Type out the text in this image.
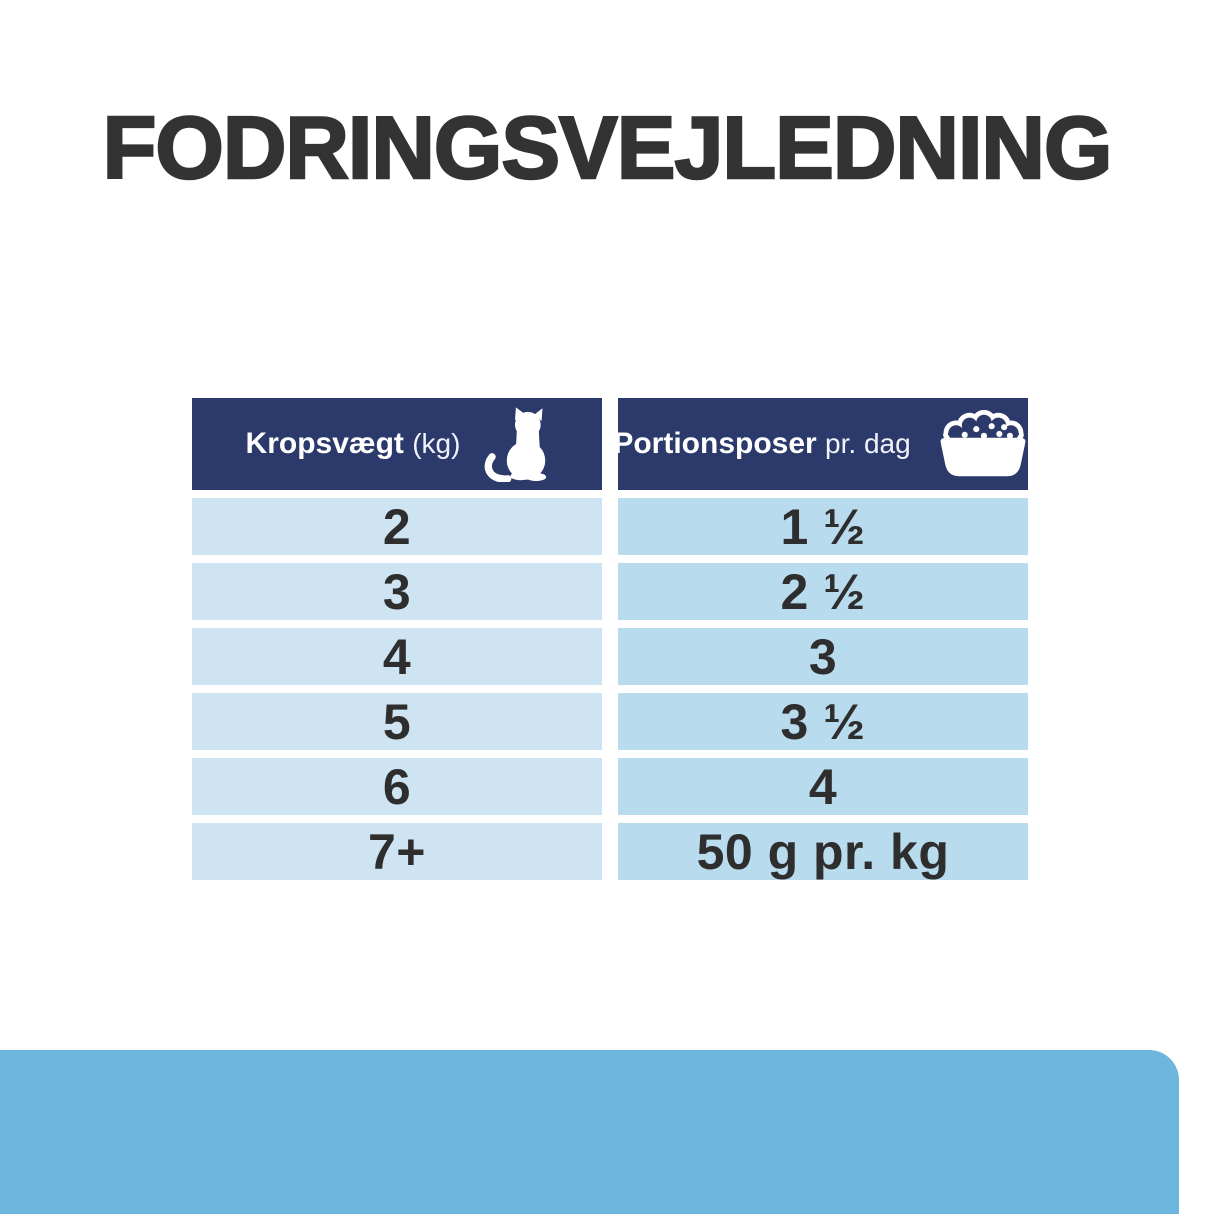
FODRINGSVEJLEDNING
Kropsvægt (kg)	Portionsposer pr. dag
2	1 ½
3	2 ½
4	3
5	3 ½
6	4
7+	50 g pr. kg
